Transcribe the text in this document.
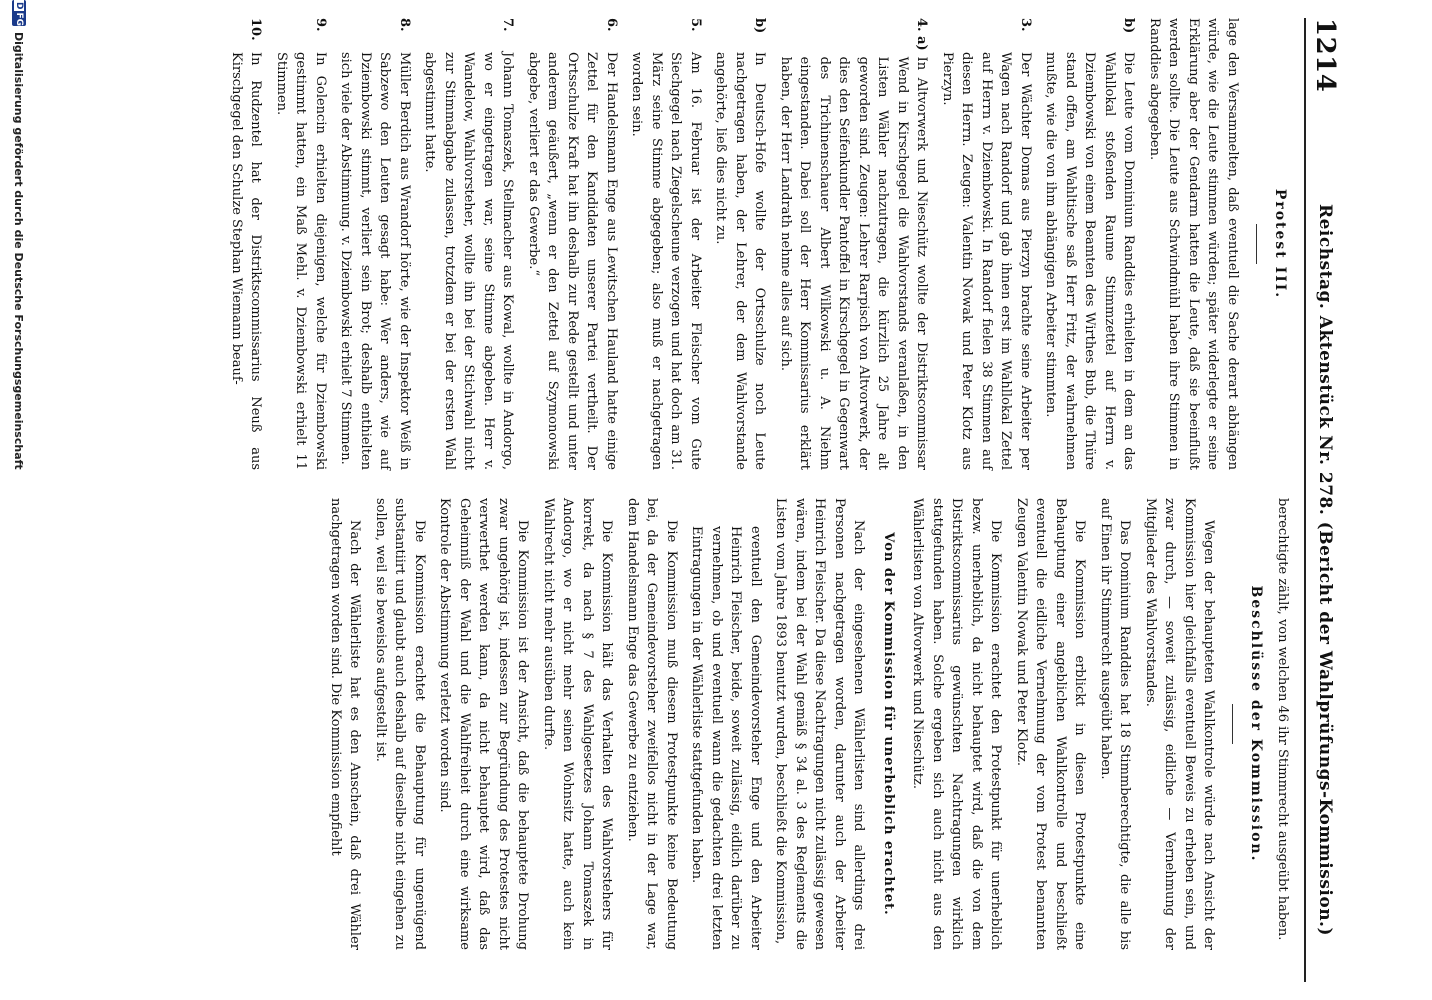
1214
Reichstag. Aktenstück Nr. 278. (Bericht der Wahlprüfungs-Kommission.)
Protest III.
lage den Versammelten, daß eventuell die Sache derart abhängen würde, wie die Leute stimmen würden; später widerlegte er seine Erklärung aber der Gendarm hatten die Leute, daß sie beeinflußt werden sollte. Die Leute aus Schwindmühl haben ihre Stimmen in Randdies abgegeben.
b)
Die Leute vom Dominium Randdies erhielten in dem an das Wahllokal stoßenden Raume Stimmzettel auf Herrn v. Dziembowski von einem Beamten des Wirthes Bub, die Thüre stand offen, am Wahltische saß Herr Fritz, der wahrnehmen mußte, wie die von ihm abhängigen Arbeiter stimmten.
3.
Der Wächter Domas aus Pierzyn brachte seine Arbeiter per Wagen nach Randorf und gab ihnen erst im Wahllokal Zettel auf Herrn v. Dziembowski. In Randorf fielen 38 Stimmen auf diesen Herrn. Zeugen: Valentin Nowak und Peter Klotz aus Pierzyn.
4. a)
In Altvorwerk und Nieschütz wollte der Distriktscommissar Wend in Kirschgegel die Wahlvorstands veranlaßen, in den Listen Wähler nachzutragen, die kürzlich 25 Jahre alt geworden sind. Zeugen: Lehrer Rarpisch von Altvorwerk, der dies den Seifenkundler Pantoffel in Kirschgegel in Gegenwart des Trichinenschauer Albert Wilkowski u. A. Niehm eingestanden. Dabei soll der Herr Kommissarius erklärt haben, der Herr Landrath nehme alles auf sich.
b)
In Deutsch-Hofe wollte der Ortsschulze noch Leute nachgetragen haben, der Lehrer, der dem Wahlvorstande angehörte, ließ dies nicht zu.
5.
Am 16. Februar ist der Arbeiter Fleischer vom Gute Siechgegel nach Ziegelscheune verzogen und hat doch am 31. März seine Stimme abgegeben; also muß er nachgetragen worden sein.
6.
Der Handelsmann Enge aus Lewitschen Hauland hatte einige Zettel für den Kandidaten unserer Partei vertheilt. Der Ortsschulze Kraft hat ihn deshalb zur Rede gestellt und unter anderem geäußert, „wenn er den Zettel auf Szymonowski abgebe, verliert er das Gewerbe.“
7.
Johann Tomaszek, Stellmacher aus Kowal, wollte in Andorgo, wo er eingetragen war, seine Stimme abgeben. Herr v. Wandelow, Wahlvorsteher, wollte ihn bei der Stichwahl nicht zur Stimmabgabe zulassen, trotzdem er bei der ersten Wahl abgestimmt hatte.
8.
Müller Berdich aus Wrandorf hörte, wie der Inspektor Weiß in Sabzewo den Leuten gesagt habe: Wer anders, wie auf Dziembowski stimmt, verliert sein Brot; deshalb enthielten sich viele der Abstimmung. v. Dziembowski erhielt 7 Stimmen.
9.
In Golencin erhielten diejenigen, welche für Dziembowski gestimmt hatten, ein Maß Mehl. v. Dziembowski erhielt 11 Stimmen.
10.
In Rudzentel hat der Distriktscommissarius Neuß aus Kirschgegel den Schulze Stephan Wiemann beauf-
berechtigte zählt, von welchen 46 ihr Stimmrecht ausgeübt haben.
Beschlüsse der Kommission.
Wegen der behaupteten Wahlkontrole würde nach Ansicht der Kommission hier gleichfalls eventuell Beweis zu erheben sein, und zwar durch, — soweit zulässig, eidliche — Vernehmung der Mitglieder des Wahlvorstandes.
Das Dominium Randdies hat 18 Stimmberechtigte, die alle bis auf Einen ihr Stimmrecht ausgeübt haben.
Die Kommission erblickt in diesen Protestpunkte eine Behauptung einer angeblichen Wahlkontrolle und beschließt eventuell die eidliche Vernehmung der vom Protest benannten Zeugen Valentin Nowak und Peter Klotz.
Die Kommission erachtet den Protestpunkt für unerheblich bezw. unerheblich, da nicht behauptet wird, daß die von dem Distriktscommissarius gewünschten Nachtragungen wirklich stattgefunden haben. Solche ergeben sich auch nicht aus den Wählerlisten von Altvorwerk und Nieschütz.
Von der Kommission für unerheblich erachtet.
Nach der eingesehenen Wählerlisten sind allerdings drei Personen nachgetragen worden, darunter auch der Arbeiter Heinrich Fleischer. Da diese Nachtragungen nicht zulässig gewesen wären, indem bei der Wahl gemäß § 34 al. 3 des Reglements die Listen vom Jahre 1893 benutzt wurden, beschließt die Kommission,
eventuell den Gemeindevorsteher Enge und den Arbeiter Heinrich Fleischer, beide, soweit zulässig, eidlich darüber zu vernehmen, ob und eventuell wann die gedachten drei letzten Eintragungen in der Wählerliste stattgefunden haben.
Die Kommission muß diesem Protestpunkte keine Bedeutung bei, da der Gemeindevorsteher zweifellos nicht in der Lage war, dem Handelsmann Enge das Gewerbe zu entziehen.
Die Kommission hält das Verhalten des Wahlvorstehers für korrekt, da nach § 7 des Wahlgesetzes Johann Tomaszek in Andorgo, wo er nicht mehr seinen Wohnsitz hatte, auch kein Wahlrecht nicht mehr ausüben durfte.
Die Kommission ist der Ansicht, daß die behauptete Drohung zwar ungehörig ist, indessen zur Begründung des Protestes nicht verwerthet werden kann, da nicht behauptet wird, daß das Geheimniß der Wahl und die Wahlfreiheit durch eine wirksame Kontrole der Abstimmung verletzt worden sind.
Die Kommission erachtet die Behauptung für ungenügend substantiirt und glaubt auch deshalb auf dieselbe nicht eingehen zu sollen, weil sie beweislos aufgestellt ist.
Nach der Wählerliste hat es den Anschein, daß drei Wähler nachgetragen worden sind. Die Kommission empfiehlt
D
FG
Digitalisierung gefördert durch die Deutsche Forschungsgemeinschaft
